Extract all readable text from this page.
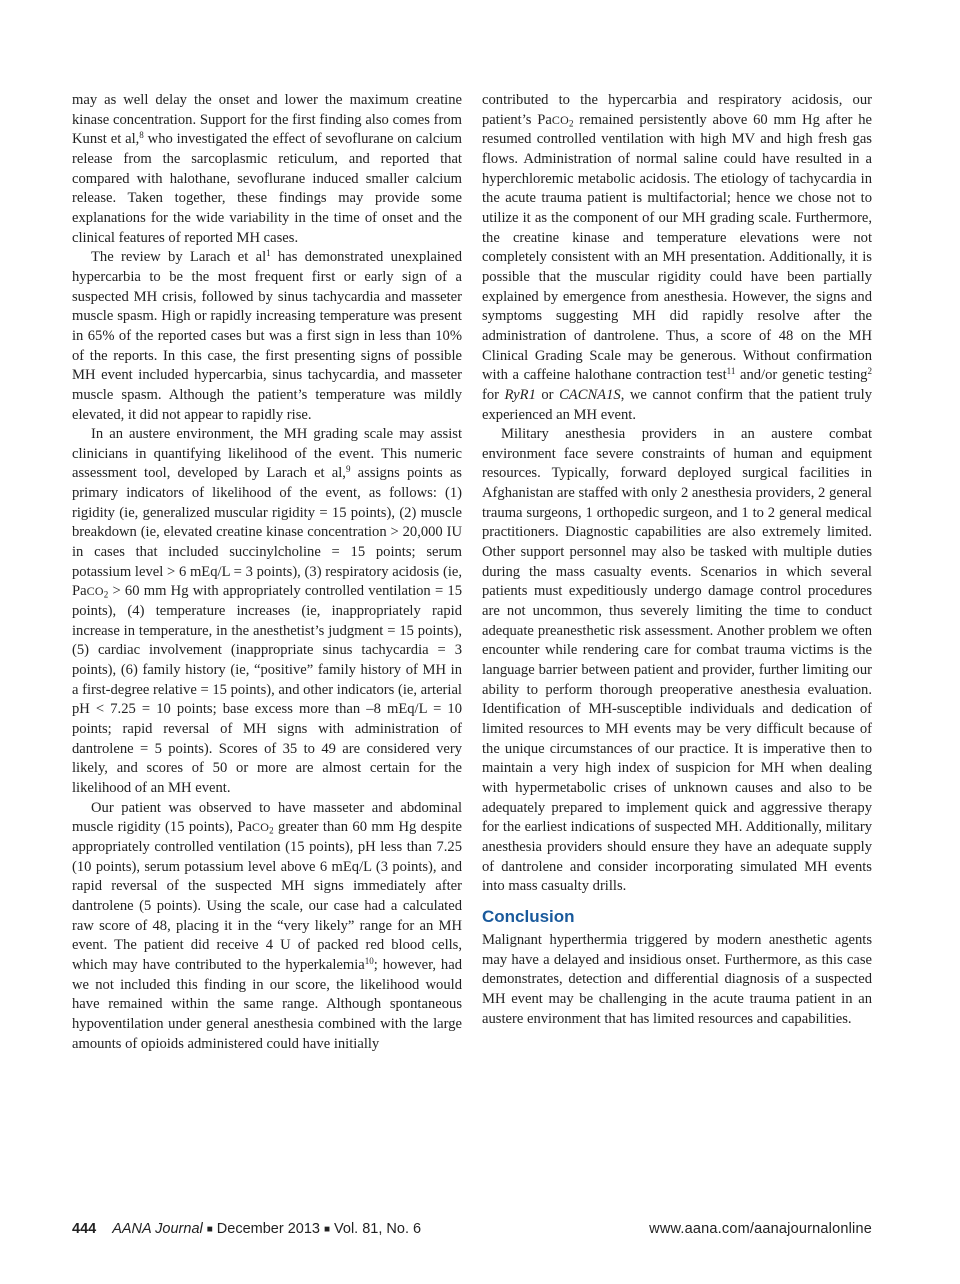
may as well delay the onset and lower the maximum creatine kinase concentration. Support for the first finding also comes from Kunst et al,$^8$ who investigated the effect of sevoflurane on calcium release from the sarcoplasmic reticulum, and reported that compared with halothane, sevoflurane induced smaller calcium release. Taken together, these findings may provide some explanations for the wide variability in the time of onset and the clinical features of reported MH cases.

The review by Larach et $al^1$ has demonstrated unexplained hypercarbia to be the most frequent first or early sign of a suspected MH crisis, followed by sinus tachycardia and masseter muscle spasm. High or rapidly increasing temperature was present in 65% of the reported cases but was a first sign in less than 10% of the reports. In this case, the first presenting signs of possible MH event included hypercarbia, sinus tachycardia, and masseter muscle spasm. Although the patient’s temperature was mildly elevated, it did not appear to rapidly rise.

In an austere environment, the MH grading scale may assist clinicians in quantifying likelihood of the event. This numeric assessment tool, developed by Larach et al,$^9$ assigns points as primary indicators of likelihood of the event, as follows: (1) rigidity (ie, generalized muscular rigidity = 15 points), (2) muscle breakdown (ie, elevated creatine kinase concentration > 20,000 IU in cases that included succinylcholine = 15 points; serum potassium level > 6 mEq/L = 3 points), (3) respiratory acidosis (ie, PaCO$_2$ > 60 mm Hg with appropriately controlled ventilation = 15 points), (4) temperature increases (ie, inappropriately rapid increase in temperature, in the anesthetist’s judgment = 15 points), (5) cardiac involvement (inappropriate sinus tachycardia = 3 points), (6) family history (ie, “positive” family history of MH in a first-degree relative = 15 points), and other indicators (ie, arterial pH < 7.25 = 10 points; base excess more than –8 mEq/L = 10 points; rapid reversal of MH signs with administration of dantrolene = 5 points). Scores of 35 to 49 are considered very likely, and scores of 50 or more are almost certain for the likelihood of an MH event.

Our patient was observed to have masseter and abdominal muscle rigidity (15 points), PaCO$_2$ greater than 60 mm Hg despite appropriately controlled ventilation (15 points), pH less than 7.25 (10 points), serum potassium level above 6 mEq/L (3 points), and rapid reversal of the suspected MH signs immediately after dantrolene (5 points). Using the scale, our case had a calculated raw score of 48, placing it in the “very likely” range for an MH event. The patient did receive 4 U of packed red blood cells, which may have contributed to the hyperkalemia$^{10}$; however, had we not included this finding in our score, the likelihood would have remained within the same range. Although spontaneous hypoventilation under general anesthesia combined with the large amounts of opioids administered could have initially

contributed to the hypercarbia and respiratory acidosis, our patient’s PaCO$_2$ remained persistently above 60 mm Hg after he resumed controlled ventilation with high MV and high fresh gas flows. Administration of normal saline could have resulted in a hyperchloremic metabolic acidosis. The etiology of tachycardia in the acute trauma patient is multifactorial; hence we chose not to utilize it as the component of our MH grading scale. Furthermore, the creatine kinase and temperature elevations were not completely consistent with an MH presentation. Additionally, it is possible that the muscular rigidity could have been partially explained by emergence from anesthesia. However, the signs and symptoms suggesting MH did rapidly resolve after the administration of dantrolene. Thus, a score of 48 on the MH Clinical Grading Scale may be generous. Without confirmation with a caffeine halothane contraction test$^{11}$ and/or genetic testing$^2$ for RyR1 or CACNA1S, we cannot confirm that the patient truly experienced an MH event.

Military anesthesia providers in an austere combat environment face severe constraints of human and equipment resources. Typically, forward deployed surgical facilities in Afghanistan are staffed with only 2 anesthesia providers, 2 general trauma surgeons, 1 orthopedic surgeon, and 1 to 2 general medical practitioners. Diagnostic capabilities are also extremely limited. Other support personnel may also be tasked with multiple duties during the mass casualty events. Scenarios in which several patients must expeditiously undergo damage control procedures are not uncommon, thus severely limiting the time to conduct adequate preanesthetic risk assessment. Another problem we often encounter while rendering care for combat trauma victims is the language barrier between patient and provider, further limiting our ability to perform thorough preoperative anesthesia evaluation. Identification of MH-susceptible individuals and dedication of limited resources to MH events may be very difficult because of the unique circumstances of our practice. It is imperative then to maintain a very high index of suspicion for MH when dealing with hypermetabolic crises of unknown causes and also to be adequately prepared to implement quick and aggressive therapy for the earliest indications of suspected MH. Additionally, military anesthesia providers should ensure they have an adequate supply of dantrolene and consider incorporating simulated MH events into mass casualty drills.

Conclusion

Malignant hyperthermia triggered by modern anesthetic agents may have a delayed and insidious onset. Furthermore, as this case demonstrates, detection and differential diagnosis of a suspected MH event may be challenging in the acute trauma patient in an austere environment that has limited resources and capabilities.

444 AANA Journal ■ December 2013 ■ Vol. 81, No. 6	www.aana.com/aanajournalonline
